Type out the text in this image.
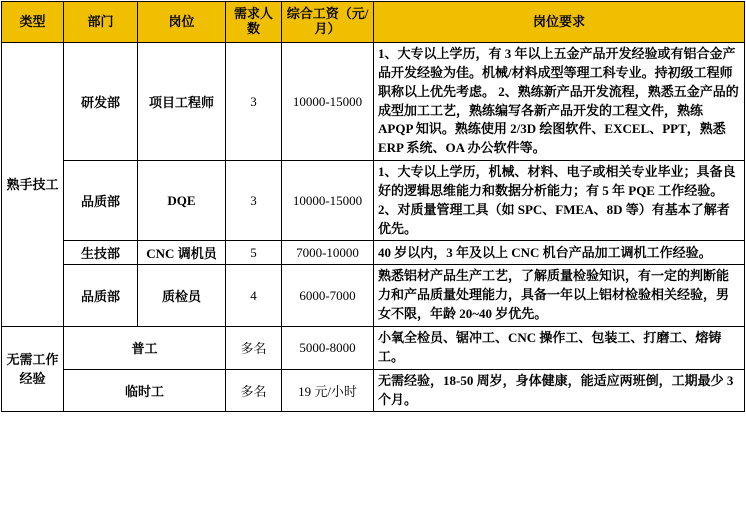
类型	部门	岗位	需求人数	综合工资（元/月）	岗位要求
熟手技工	研发部	项目工程师	3	10000-15000	1、大专以上学历，有 3 年以上五金产品开发经验或有铝合金产品开发经验为佳。机械/材料成型等理工科专业。持初级工程师职称以上优先考虑。 2、熟练新产品开发流程，熟悉五金产品的成型加工工艺，熟练编写各新产品开发的工程文件，熟练 APQP 知识。熟练使用 2/3D 绘图软件、EXCEL、PPT，熟悉 ERP 系统、OA 办公软件等。
	品质部	DQE	3	10000-15000	1、大专以上学历，机械、材料、电子或相关专业毕业；具备良好的逻辑思维能力和数据分析能力；有 5 年 PQE 工作经验。 2、对质量管理工具（如 SPC、FMEA、8D 等）有基本了解者优先。
	生技部	CNC 调机员	5	7000-10000	40 岁以内，3 年及以上 CNC 机台产品加工调机工作经验。
	品质部	质检员	4	6000-7000	熟悉铝材产品生产工艺，了解质量检验知识，有一定的判断能力和产品质量处理能力，具备一年以上铝材检验相关经验，男女不限，年龄 20~40 岁优先。
无需工作经验	普工		多名	5000-8000	小氧全检员、锯冲工、CNC 操作工、包装工、打磨工、熔铸工。
	临时工		多名	19 元/小时	无需经验，18-50 周岁，身体健康，能适应两班倒，工期最少 3 个月。
